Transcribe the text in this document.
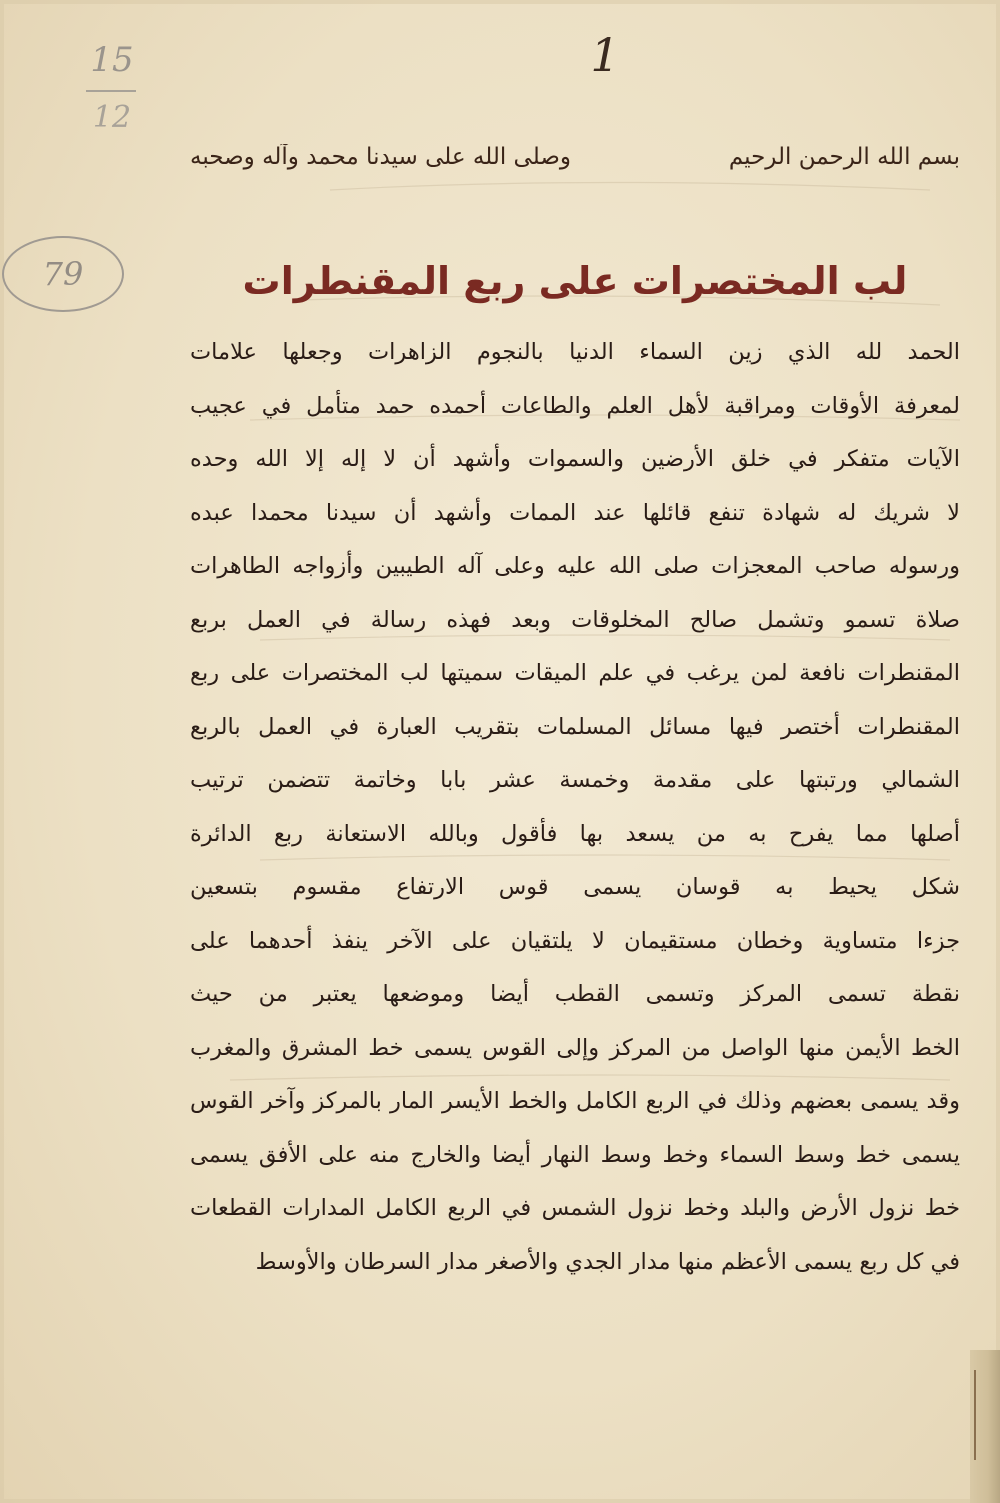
1
15
12
79
بسم الله الرحمن الرحيم
وصلى الله على سيدنا محمد وآله وصحبه
لب المختصرات على ربع المقنطرات
الحمد لله الذي زين السماء الدنيا بالنجوم الزاهرات وجعلها علامات
لمعرفة الأوقات ومراقبة لأهل العلم والطاعات أحمده حمد متأمل في عجيب
الآيات متفكر في خلق الأرضين والسموات وأشهد أن لا إله إلا الله وحده
لا شريك له شهادة تنفع قائلها عند الممات وأشهد أن سيدنا محمدا عبده
ورسوله صاحب المعجزات صلى الله عليه وعلى آله الطيبين وأزواجه الطاهرات
صلاة تسمو وتشمل صالح المخلوقات وبعد فهذه رسالة في العمل بربع
المقنطرات نافعة لمن يرغب في علم الميقات سميتها لب المختصرات على ربع
المقنطرات أختصر فيها مسائل المسلمات بتقريب العبارة في العمل بالربع
الشمالي ورتبتها على مقدمة وخمسة عشر بابا وخاتمة تتضمن ترتيب
أصلها مما يفرح به من يسعد بها فأقول وبالله الاستعانة ربع الدائرة
شكل يحيط به قوسان يسمى قوس الارتفاع مقسوم بتسعين
جزءا متساوية وخطان مستقيمان لا يلتقيان على الآخر ينفذ أحدهما على
نقطة تسمى المركز وتسمى القطب أيضا وموضعها يعتبر من حيث
الخط الأيمن منها الواصل من المركز وإلى القوس يسمى خط المشرق والمغرب
وقد يسمى بعضهم وذلك في الربع الكامل والخط الأيسر المار بالمركز وآخر القوس
يسمى خط وسط السماء وخط وسط النهار أيضا والخارج منه على الأفق يسمى
خط نزول الأرض والبلد وخط نزول الشمس في الربع الكامل المدارات القطعات
في كل ربع يسمى الأعظم منها مدار الجدي والأصغر مدار السرطان والأوسط
